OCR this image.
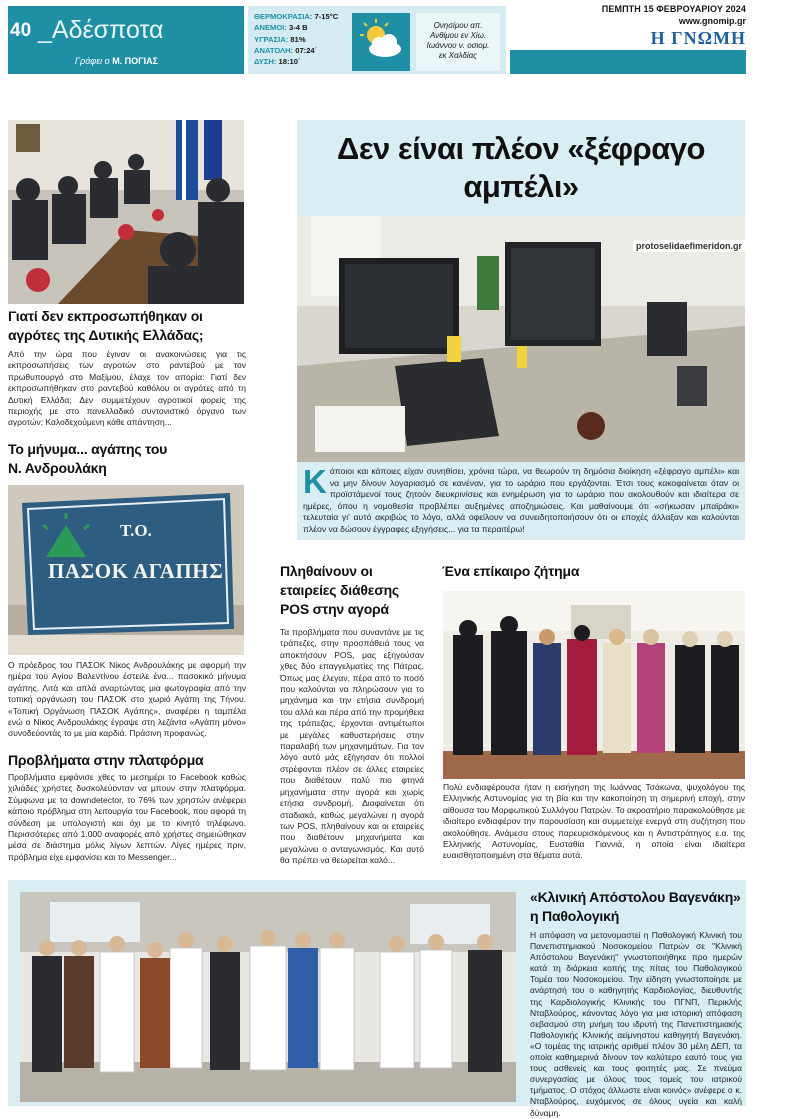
40 _Αδέσποτα
Γράφει ο Μ. ΠΟΓΙΑΣ
ΘΕΡΜΟΚΡΑΣΙΑ: 7-15°C
ΑΝΕΜΟΙ: 3-4 B
ΥΓΡΑΣΙΑ: 81%
ΑΝΑΤΟΛΗ: 07:24΄
ΔΥΣΗ: 18:10΄
Ονησίμου απ.
Ανθίμου εν Χίω.
Ιωάννου ν. οσιομ.
εκ Χαλδίας
ΠΕΜΠΤΗ 15 ΦΕΒΡΟΥΑΡΙΟΥ 2024
www.gnomip.gr
Η ΓΝΩΜΗ
Γιατί δεν εκπροσωπήθηκαν οι αγρότες της Δυτικής Ελλάδας;
Από την ώρα που έγιναν οι ανακοινώσεις για τις εκπροσωπήσεις των αγροτών στο ραντεβού με τον πρωθυπουργό στο Μαξίμου, έλαχε τον απορία: Γιατί δεν εκπροσωπήθηκαν στο ραντεβού καθόλου οι αγρότες από τη Δυτική Ελλάδα; Δεν συμμετέχουν αγροτικοί φορείς της περιοχής με στο πανελλαδικό συντονιστικό όργανο των αγροτών; Καλοδεχούμενη κάθε απάντηση...
Το μήνυμα... αγάπης του Ν. Ανδρουλάκη
Τ.Ο.
ΠΑΣΟΚ ΑΓΑΠΗΣ
Ο πρόεδρος του ΠΑΣΟΚ Νίκος Ανδρουλάκης με αφορμή την ημέρα του Αγίου Βαλεντίνου έστειλε ένα... πασοκικό μήνυμα αγάπης. Λιτά και απλά αναρτώντας μια φωτογραφία από την τοπική οργάνωση του ΠΑΣΟΚ στο χωριό Αγάπη της Τήνου. «Τοπική Οργάνωση ΠΑΣΟΚ Αγάπης», αναφέρει η ταμπέλα ενώ ο Νίκος Ανδρουλάκης έγραψε στη λεζάντα «Αγάπη μόνο» συνοδεύοντάς το με μια καρδιά. Πράσινη προφανώς.
Προβλήματα στην πλατφόρμα
Προβλήματα εμφάνισε χθες το μεσημέρι το Facebook καθώς χιλιάδες χρήστες δυσκολεύονταν να μπουν στην πλατφόρμα. Σύμφωνα με το downdetector, το 76% των χρηστών ανέφερει κάποιο πρόβλημα στη λειτουργία του Facebook, που αφορά τη σύνδεση με υπολογιστή και όχι με το κινητό τηλέφωνο. Περισσότερες από 1.000 αναφορές από χρήστες σημειώθηκαν μέσα σε διάστημα μόλις λίγων λεπτών. Λίγες ημέρες πριν, πρόβλημα είχε εμφανίσει και το Messenger...
Δεν είναι πλέον «ξέφραγο αμπέλι»
protoselidaefimeridon.gr
Κάποιοι και κάποιες είχαν συνηθίσει, χρόνια τώρα, να θεωρούν τη δημόσια διοίκηση «ξέφραγο αμπέλι» και να μην δίνουν λογαριασμό σε κανέναν, για το ωράριο που εργάζονται. Έτσι τους κακοφαίνεται όταν οι προϊστάμενοί τους ζητούν διευκρινίσεις και ενημέρωση για το ωράριο που ακολουθούν και ιδιαίτερα σε ημέρες, όπου η νομοθεσία προβλέπει αυξημένες αποζημιώσεις. Και μαθαίνουμε ότι «σήκωσαν μπαϊράκι» τελευταία γι' αυτό ακριβώς το λόγο, αλλά οφείλουν να συνειδητοποιήσουν ότι οι εποχές άλλαξαν και καλούνται πλέον να δώσουν έγγραφες εξηγήσεις... για τα περαιτέρω!
Πληθαίνουν οι εταιρείες διάθεσης POS στην αγορά
Τα προβλήματα που συναντάνε με τις τράπεζες, στην προσπάθειά τους να αποκτήσουν POS, μας εξηγούσαν χθες δύο επαγγελματίες της Πάτρας. Όπως μας έλεγαν, πέρα από το ποσό που καλούνται να πληρώσουν για το μηχάνημα και την ετήσια συνδρομή του αλλά και πέρα από την προμήθεια της τράπεζας, έρχονται αντιμέτωποι με μεγάλες καθυστερήσεις στην παραλαβή των μηχανημάτων. Για τον λόγο αυτό μάς εξήγησαν ότι πολλοί στρέφονται πλέον σε άλλες εταιρείες που διαθέτουν πολύ πιο φτηνά μηχανήματα στην αγορά και χωρίς ετήσια συνδρομή. Διαφαίνεται ότι σταδιακά, καθώς μεγαλώνει η αγορά των POS, πληθαίνουν και οι εταιρείες που διαθέτουν μηχανήματα και μεγαλώνει ο ανταγωνισμός. Και αυτό θα πρέπει να θεωρείται καλό...
Ένα επίκαιρο ζήτημα
Πολύ ενδιαφέρουσα ήταν η εισήγηση της Ιωάννας Τσάκωνα, ψυχολόγου της Ελληνικής Αστυνομίας για τη βία και την κακοποίηση τη σημερινή εποχή, στην αίθουσα του Μορφωτικού Συλλόγου Πατρών. Το ακροατήριο παρακολούθησε με ιδιαίτερο ενδιαφέρον την παρουσίαση και συμμετείχε ενεργά στη συζήτηση που ακολούθησε. Ανάμεσα στους παρευρισκόμενους και η Αντιστράτηγος ε.α. της Ελληνικής Αστυνομίας, Ευσταθία Γιαννιά, η οποία είναι ιδιαίτερα ευαισθητοποιημένη στα θέματα αυτά.
«Κλινική Απόστολου Βαγενάκη» η Παθολογική
Η απόφαση να μετονομαστεί η Παθολογική Κλινική του Πανεπιστημιακού Νοσοκομείου Πατρών σε "Κλινική Απόστολου Βαγενάκη" γνωστοποιήθηκε προ ημερών κατά τη διάρκεια κοπής της πίτας του Παθολογικού Τομέα του Νοσοκομείου. Την είδηση γνωστοποίησε με ανάρτησή του ο καθηγητής Καρδιολογίας, διευθυντής της Καρδιολογικής Κλινικής του ΠΓΝΠ, Περικλής Νταβλούρος, κάνοντας λόγο για μια ιστορική απόφαση σεβασμού στη μνήμη του ιδρυτή της Πανεπιστημιακής Παθολογικής Κλινικής αείμνηστου καθηγητή Βαγενάκη. «Ο τομέας της ιατρικής αριθμεί πλέον 30 μέλη ΔΕΠ, τα οποία καθημερινά δίνουν τον καλύτερο εαυτό τους για τους ασθενείς και τους φοιτητές μας. Σε πνεύμα συνεργασίας με όλους τους τομείς του ιατρικού τμήματος. Ο στόχος άλλωστε είναι κοινός» ανέφερε ο κ. Νταβλούρος, ευχόμενος σε όλους υγεία και καλή δύναμη.
